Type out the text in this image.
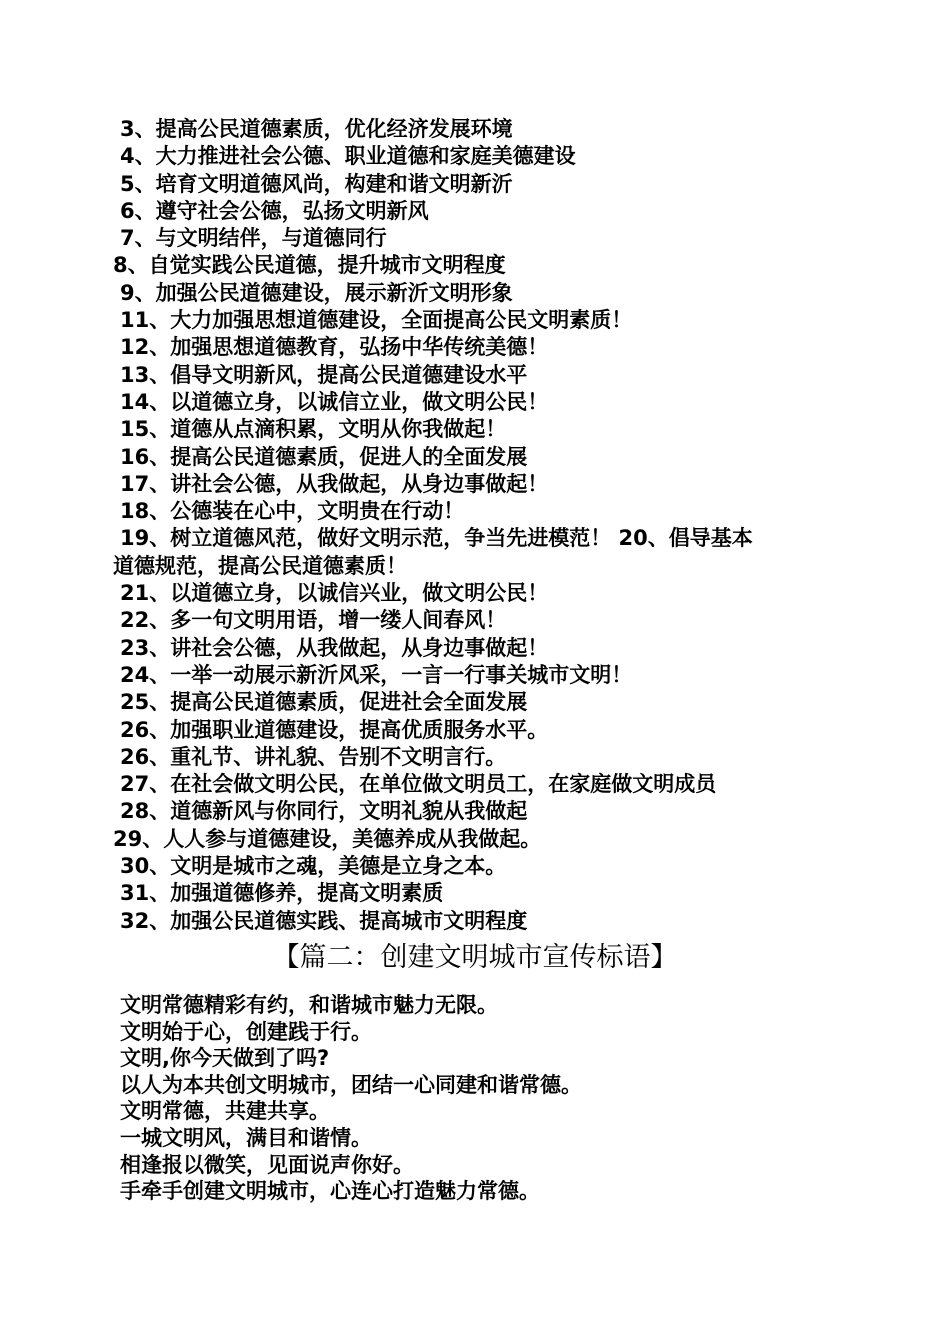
3、提高公民道德素质，优化经济发展环境
4、大力推进社会公德、职业道德和家庭美德建设
5、培育文明道德风尚，构建和谐文明新沂
6、遵守社会公德，弘扬文明新风
7、与文明结伴，与道德同行
8、自觉实践公民道德，提升城市文明程度
9、加强公民道德建设，展示新沂文明形象
11、大力加强思想道德建设，全面提高公民文明素质！
12、加强思想道德教育，弘扬中华传统美德！
13、倡导文明新风，提高公民道德建设水平
14、以道德立身，以诚信立业，做文明公民！
15、道德从点滴积累，文明从你我做起！
16、提高公民道德素质，促进人的全面发展
17、讲社会公德，从我做起，从身边事做起！
18、公德装在心中，文明贵在行动！
19、树立道德风范，做好文明示范，争当先进模范！ 20、倡导基本
道德规范，提高公民道德素质！
21、以道德立身，以诚信兴业，做文明公民！
22、多一句文明用语，增一缕人间春风！
23、讲社会公德，从我做起，从身边事做起！
24、一举一动展示新沂风采，一言一行事关城市文明！
25、提高公民道德素质，促进社会全面发展
26、加强职业道德建设，提高优质服务水平。
26、重礼节、讲礼貌、告别不文明言行。
27、在社会做文明公民，在单位做文明员工，在家庭做文明成员
28、道德新风与你同行，文明礼貌从我做起
29、人人参与道德建设，美德养成从我做起。
30、文明是城市之魂，美德是立身之本。
31、加强道德修养，提高文明素质
32、加强公民道德实践、提高城市文明程度
【篇二：创建文明城市宣传标语】
文明常德精彩有约，和谐城市魅力无限。
文明始于心，创建践于行。
文明,你今天做到了吗?
以人为本共创文明城市，团结一心同建和谐常德。
文明常德，共建共享。
一城文明风，满目和谐情。
相逢报以微笑，见面说声你好。
手牵手创建文明城市，心连心打造魅力常德。
